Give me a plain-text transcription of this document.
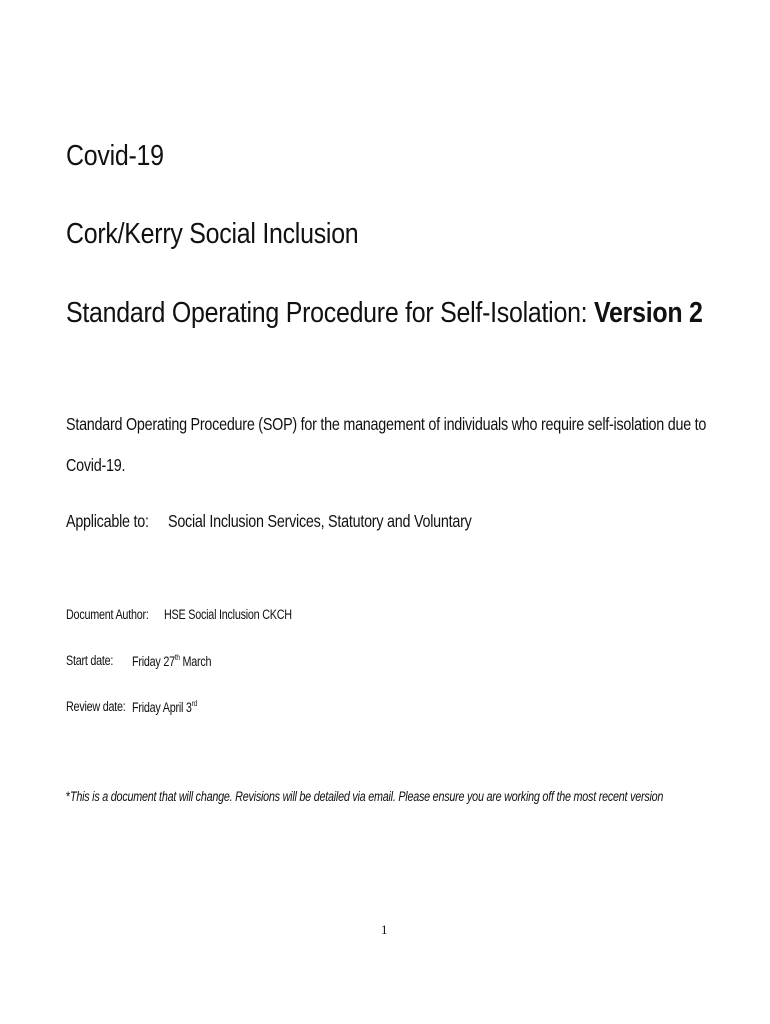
Covid-19
Cork/Kerry Social Inclusion
Standard Operating Procedure for Self-Isolation: Version 2
Standard Operating Procedure (SOP) for the management of individuals who require self-isolation due to
Covid-19.
Applicable to: Social Inclusion Services, Statutory and Voluntary
Document Author: HSE Social Inclusion CKCH
Start date: Friday 27th March
Review date: Friday April 3rd
*This is a document that will change. Revisions will be detailed via email. Please ensure you are working off the most recent version
1
